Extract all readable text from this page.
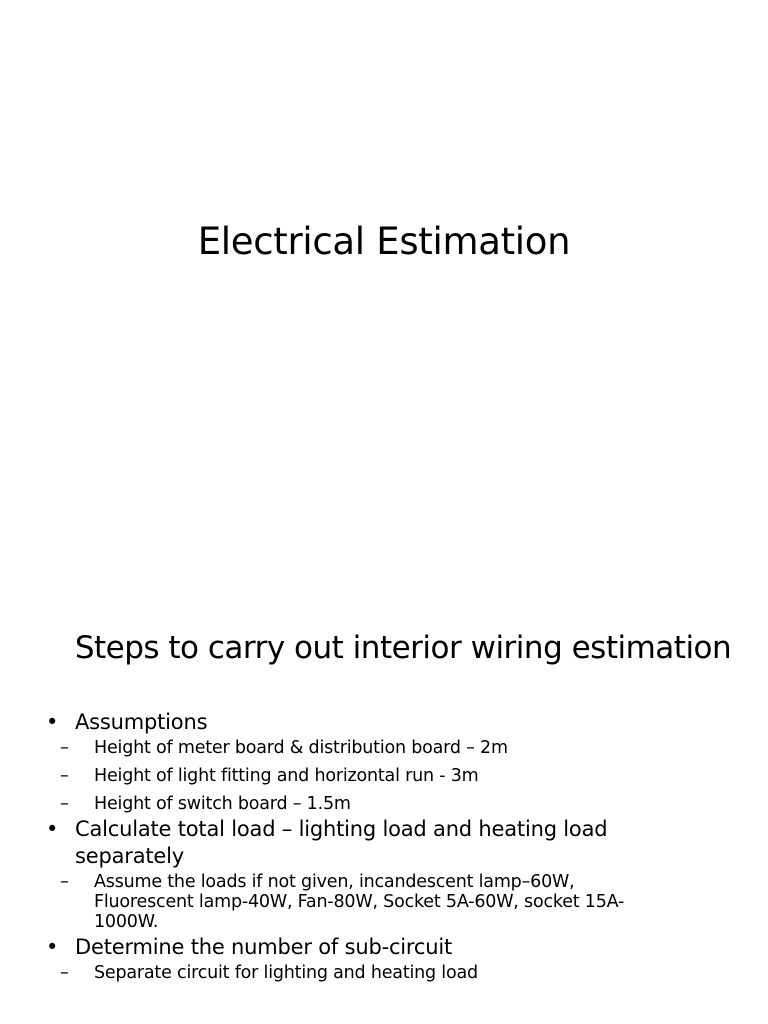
Electrical Estimation
Steps to carry out interior wiring estimation
• Assumptions
– Height of meter board & distribution board – 2m
– Height of light fitting and horizontal run - 3m
– Height of switch board – 1.5m
• Calculate total load – lighting load and heating load
separately
– Assume the loads if not given, incandescent lamp–60W,
Fluorescent lamp-40W, Fan-80W, Socket 5A-60W, socket 15A-
1000W.
• Determine the number of sub-circuit
– Separate circuit for lighting and heating load
